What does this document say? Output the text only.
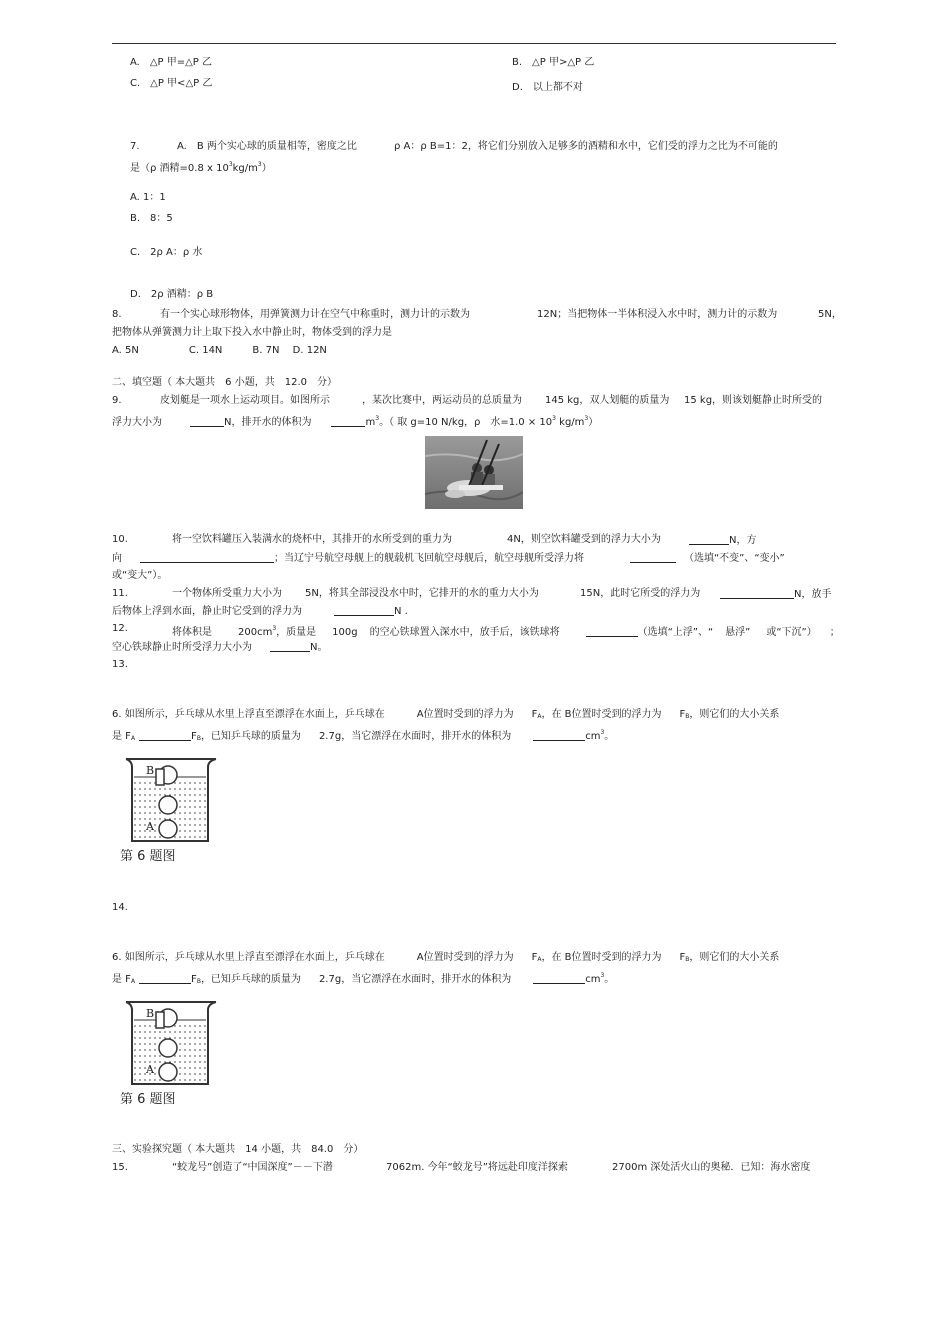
A.　△P 甲=△P 乙	B.　△P 甲>△P 乙
C.　△P 甲<△P 乙	D.　以上都不对
7.	A.　B 两个实心球的质量相等，密度之比	ρ A：ρ B=1：2，将它们分别放入足够多的酒精和水中，它们受的浮力之比为不可能的
是（ρ 酒精=0.8 x $10^3kg/m^3$）
A. 1：1
B.　8：5
C.　2ρ A：ρ 水
D.　2ρ 酒精：ρ B
8.	有一个实心球形物体，用弹簧测力计在空气中称重时，测力计的示数为	12N；当把物体一半体积浸入水中时，测力计的示数为	5N，
把物体从弹簧测力计上取下投入水中静止时，物体受到的浮力是
A. 5N　　　　　C. 14N　　　B. 7N　 D. 12N
二、填空题（ 本大题共　6 小题，共　12.0　分）
9.	皮划艇是一项水上运动项目。如图所示	，某次比赛中，两运动员的总质量为 145 kg，双人划艇的质量为 15 kg，则该划艇静止时所受的
浮力大小为	N，排开水的体积为	$m^3$。（ 取 g=10 N/kg，ρ　水$=1.0 \times 10^3$ $kg/m^3$）
10.	将一空饮料罐压入装满水的烧杯中，其排开的水所受到的重力为	4N，则空饮料罐受到的浮力大小为	N，方
向	；当辽宁号航空母舰上的舰载机飞回航空母舰后，航空母舰所受浮力将	（选填“不变”、“变小”
或“变大”）。
11.	一个物体所受重力大小为 5N，将其全部浸没水中时，它排开的水的重力大小为	15N，此时它所受的浮力为	N，放手
后物体上浮到水面，静止时它受到的浮力为	N .
12.	将体积是	$200cm^3$，质量是 100g 的空心铁球置入深水中，放手后，该铁球将	（选填“上浮”、“ 悬浮” 或“下沉”） ；
空心铁球静止时所受浮力大小为	N。
13.
6. 如图所示，乒乓球从水里上浮直至漂浮在水面上，乒乓球在	A位置时受到的浮力为 FA，在 B位置时受到的浮力为 FB，则它们的大小关系
是 FA	FB，已知乒乓球的质量为 2.7g，当它漂浮在水面时，排开水的体积为	$cm^3$。
B
A
第 6 题图
14.
6. 如图所示，乒乓球从水里上浮直至漂浮在水面上，乒乓球在	A位置时受到的浮力为 FA，在 B位置时受到的浮力为 FB，则它们的大小关系
是 FA	FB，已知乒乓球的质量为 2.7g，当它漂浮在水面时，排开水的体积为	$cm^3$。
B
A
第 6 题图
三、实验探究题（ 本大题共　14 小题，共　84.0　分）
15.	“蛟龙号”创造了“中国深度”－－下潜	7062m. 今年“蛟龙号”将远赴印度洋探索	2700m 深处活火山的奥秘．已知：海水密度
